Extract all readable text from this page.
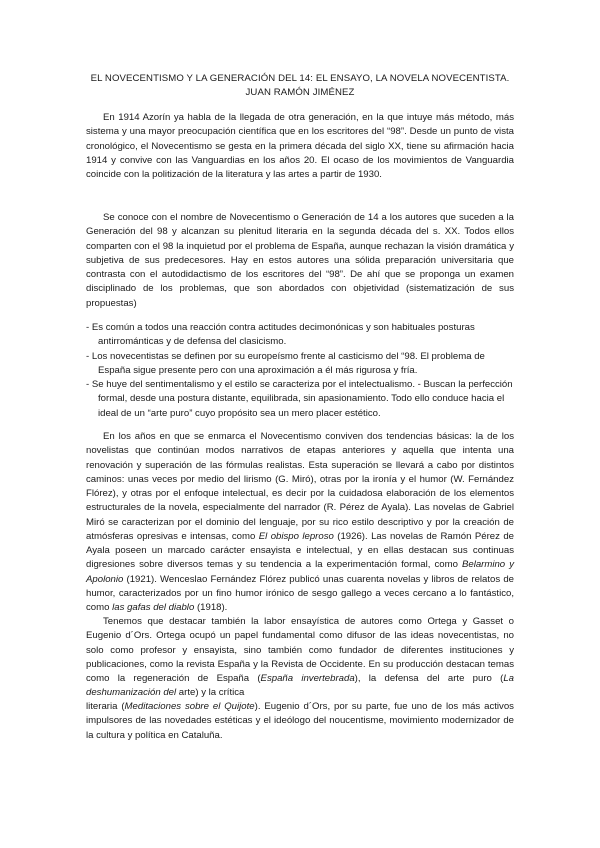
EL NOVECENTISMO Y LA GENERACIÓN DEL 14: EL ENSAYO, LA NOVELA NOVECENTISTA.
JUAN RAMÓN JIMÉNEZ
En 1914 Azorín ya habla de la llegada de otra generación, en la que intuye más método, más sistema y una mayor preocupación científica que en los escritores del “98”. Desde un punto de vista cronológico, el Novecentismo se gesta en la primera década del siglo XX, tiene su afirmación hacia 1914 y convive con las Vanguardias en los años 20. El ocaso de los movimientos de Vanguardia coincide con la politización de la literatura y las artes a partir de 1930.
Se conoce con el nombre de Novecentismo o Generación de 14 a los autores que suceden a la Generación del 98 y alcanzan su plenitud literaria en la segunda década del s. XX. Todos ellos comparten con el 98 la inquietud por el problema de España, aunque rechazan la visión dramática y subjetiva de sus predecesores. Hay en estos autores una sólida preparación universitaria que contrasta con el autodidactismo de los escritores del “98”. De ahí que se proponga un examen disciplinado de los problemas, que son abordados con objetividad (sistematización de sus propuestas)
- Es común a todos una reacción contra actitudes decimonónicas y son habituales posturas antirrománticas y de defensa del clasicismo.
- Los novecentistas se definen por su europeísmo frente al casticismo del “98. El problema de España sigue presente pero con una aproximación a él más rigurosa y fría.
- Se huye del sentimentalismo y el estilo se caracteriza por el intelectualismo. - Buscan la perfección formal, desde una postura distante, equilibrada, sin apasionamiento. Todo ello conduce hacia el ideal de un “arte puro” cuyo propósito sea un mero placer estético.
En los años en que se enmarca el Novecentismo conviven dos tendencias básicas: la de los novelistas que continúan modos narrativos de etapas anteriores y aquella que intenta una renovación y superación de las fórmulas realistas. Esta superación se llevará a cabo por distintos caminos: unas veces por medio del lirismo (G. Miró), otras por la ironía y el humor (W. Fernández Flórez), y otras por el enfoque intelectual, es decir por la cuidadosa elaboración de los elementos estructurales de la novela, especialmente del narrador (R. Pérez de Ayala). Las novelas de Gabriel Miró se caracterizan por el dominio del lenguaje, por su rico estilo descriptivo y por la creación de atmósferas opresivas e intensas, como El obispo leproso (1926). Las novelas de Ramón Pérez de Ayala poseen un marcado carácter ensayista e intelectual, y en ellas destacan sus continuas digresiones sobre diversos temas y su tendencia a la experimentación formal, como Belarmino y Apolonio (1921). Wenceslao Fernández Flórez publicó unas cuarenta novelas y libros de relatos de humor, caracterizados por un fino humor irónico de sesgo gallego a veces cercano a lo fantástico, como las gafas del diablo (1918).
Tenemos que destacar también la labor ensayística de autores como Ortega y Gasset o Eugenio d´Ors. Ortega ocupó un papel fundamental como difusor de las ideas novecentistas, no solo como profesor y ensayista, sino también como fundador de diferentes instituciones y publicaciones, como la revista España y la Revista de Occidente. En su producción destacan temas como la regeneración de España (España invertebrada), la defensa del arte puro (La deshumanización del arte) y la crítica
literaria (Meditaciones sobre el Quijote). Eugenio d´Ors, por su parte, fue uno de los más activos impulsores de las novedades estéticas y el ideólogo del noucentisme, movimiento modernizador de la cultura y política en Cataluña.
